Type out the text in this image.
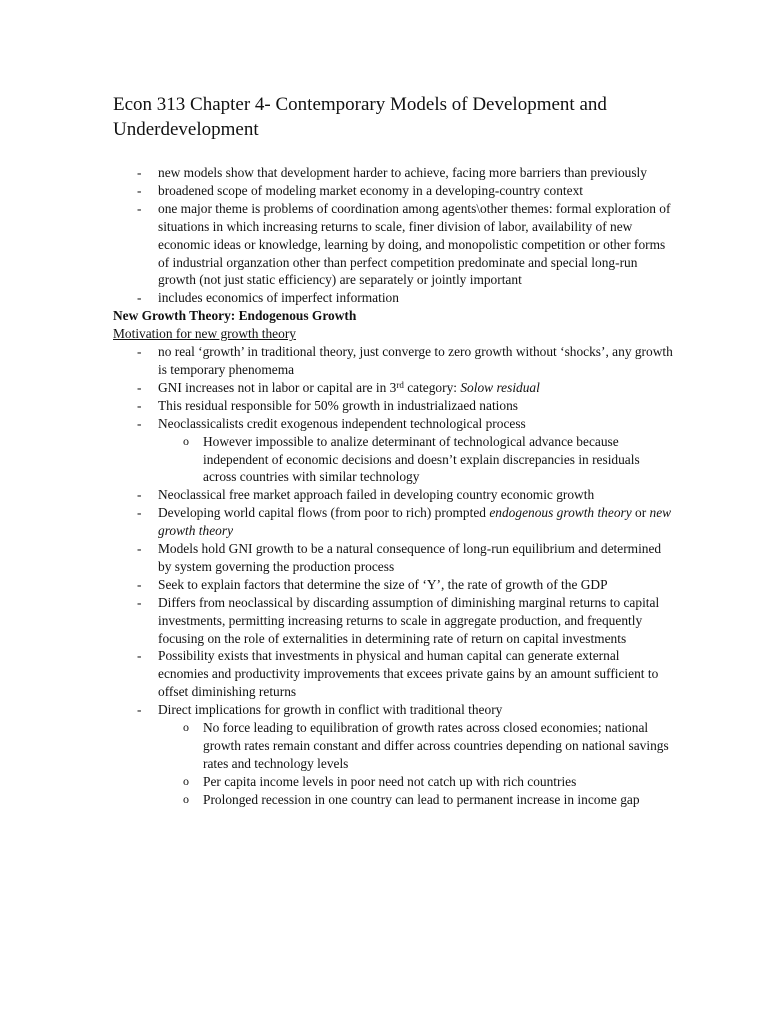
Econ 313 Chapter 4- Contemporary Models of Development and Underdevelopment
- new models show that development harder to achieve, facing more barriers than previously
- broadened scope of modeling market economy in a developing-country context
- one major theme is problems of coordination among agents\other themes: formal exploration of situations in which increasing returns to scale, finer division of labor, availability of new economic ideas or knowledge, learning by doing, and monopolistic competition or other forms of industrial organzation other than perfect competition predominate and special long-run growth (not just static efficiency) are separately or jointly important
- includes economics of imperfect information
New Growth Theory: Endogenous Growth
Motivation for new growth theory
- no real ‘growth’ in traditional theory, just converge to zero growth without ‘shocks’, any growth is temporary phenomema
- GNI increases not in labor or capital are in 3rd category: Solow residual
- This residual responsible for 50% growth in industrializaed nations
- Neoclassicalists credit exogenous independent technological process
o However impossible to analize determinant of technological advance because independent of economic decisions and doesn’t explain discrepancies in residuals across countries with similar technology
- Neoclassical free market approach failed in developing country economic growth
- Developing world capital flows (from poor to rich) prompted endogenous growth theory or new growth theory
- Models hold GNI growth to be a natural consequence of long-run equilibrium and determined by system governing the production process
- Seek to explain factors that determine the size of ‘Y’, the rate of growth of the GDP
- Differs from neoclassical by discarding assumption of diminishing marginal returns to capital investments, permitting increasing returns to scale in aggregate production, and frequently focusing on the role of externalities in determining rate of return on capital investments
- Possibility exists that investments in physical and human capital can generate external ecnomies and productivity improvements that excees private gains by an amount sufficient to offset diminishing returns
- Direct implications for growth in conflict with traditional theory
o No force leading to equilibration of growth rates across closed economies; national growth rates remain constant and differ across countries depending on national savings rates and technology levels
o Per capita income levels in poor need not catch up with rich countries
o Prolonged recession in one country can lead to permanent increase in income gap
